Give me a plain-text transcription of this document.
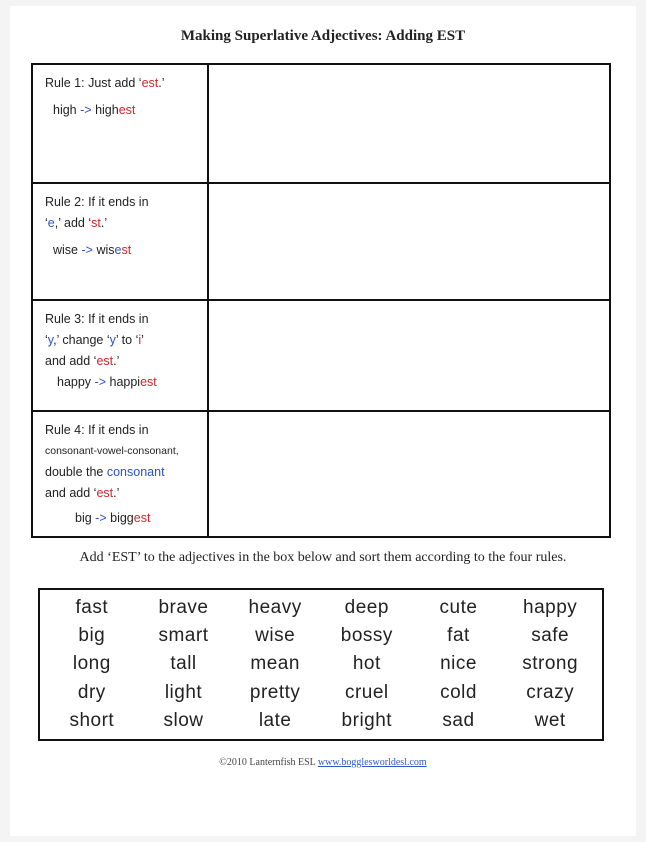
Making Superlative Adjectives: Adding EST
Rule 1: Just add ‘est.’
high -> highest	

Rule 2: If it ends in
‘e,’ add ‘st.’
wise -> wisest	

Rule 3: If it ends in
‘y,’ change ‘y’ to ‘i’
and add ‘est.’
happy -> happiest	

Rule 4: If it ends in
consonant-vowel-consonant,
double the consonant
and add ‘est.’
big -> biggest	
Add ‘EST’ to the adjectives in the box below and sort them according to the four rules.
fast	brave	heavy	deep	cute	happy
big	smart	wise	bossy	fat	safe
long	tall	mean	hot	nice	strong
dry	light	pretty	cruel	cold	crazy
short	slow	late	bright	sad	wet
©2010 Lanternfish ESL www.bogglesworldesl.com
